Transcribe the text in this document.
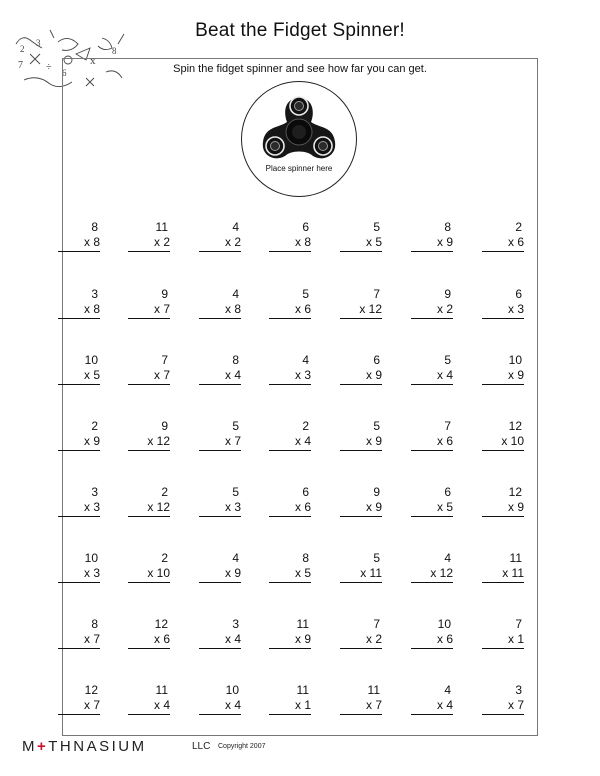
2
3
7 ÷ 6
x
8
Beat the Fidget Spinner!
Spin the fidget spinner and see how far you can get.
Place spinner here
8
x 8
11
x 2
4
x 2
6
x 8
5
x 5
8
x 9
2
x 6
3
x 8
9
x 7
4
x 8
5
x 6
7
x 12
9
x 2
6
x 3
10
x 5
7
x 7
8
x 4
4
x 3
6
x 9
5
x 4
10
x 9
2
x 9
9
x 12
5
x 7
2
x 4
5
x 9
7
x 6
12
x 10
3
x 3
2
x 12
5
x 3
6
x 6
9
x 9
6
x 5
12
x 9
10
x 3
2
x 10
4
x 9
8
x 5
5
x 11
4
x 12
11
x 11
8
x 7
12
x 6
3
x 4
11
x 9
7
x 2
10
x 6
7
x 1
12
x 7
11
x 4
10
x 4
11
x 1
11
x 7
4
x 4
3
x 7
M+THNASIUM	LLC Copyright 2007
